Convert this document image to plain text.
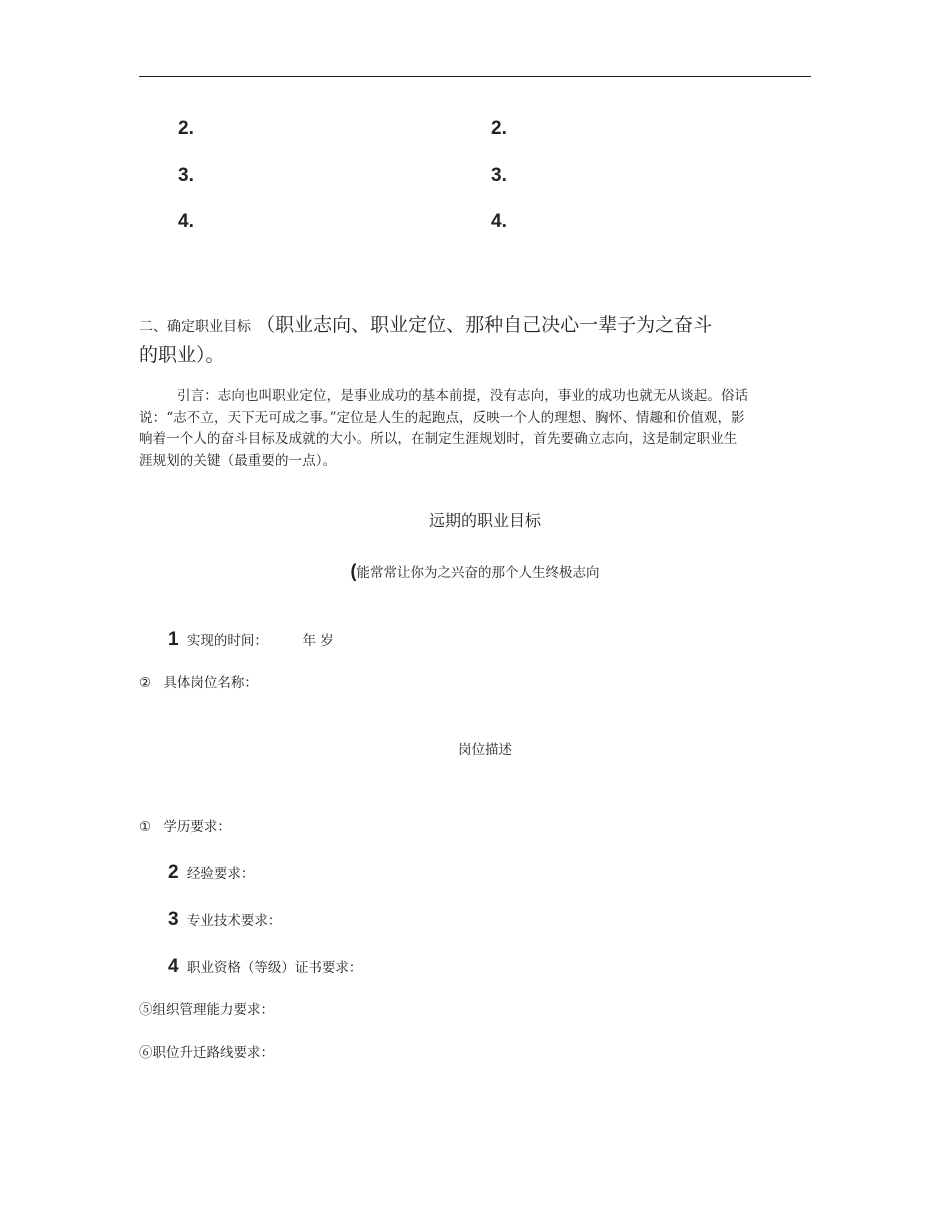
2.
3.
4.
2.
3.
4.
二、确定职业目标 （职业志向、职业定位、那种自己决心一辈子为之奋斗
的职业）。

引言：志向也叫职业定位，是事业成功的基本前提，没有志向，事业的成功也就无从谈起。俗话说：“志不立，天下无可成之事。”定位是人生的起跑点，反映一个人的理想、胸怀、情趣和价值观，影响着一个人的奋斗目标及成就的大小。所以，在制定生涯规划时，首先要确立志向，这是制定职业生涯规划的关键（最重要的一点）。

远期的职业目标
(能常常让你为之兴奋的那个人生终极志向
1 实现的时间：	年 岁
② 具体岗位名称：
岗位描述
① 学历要求：
2 经验要求：
3 专业技术要求：
4 职业资格（等级）证书要求：
⑤组织管理能力要求：
⑥职位升迁路线要求：
